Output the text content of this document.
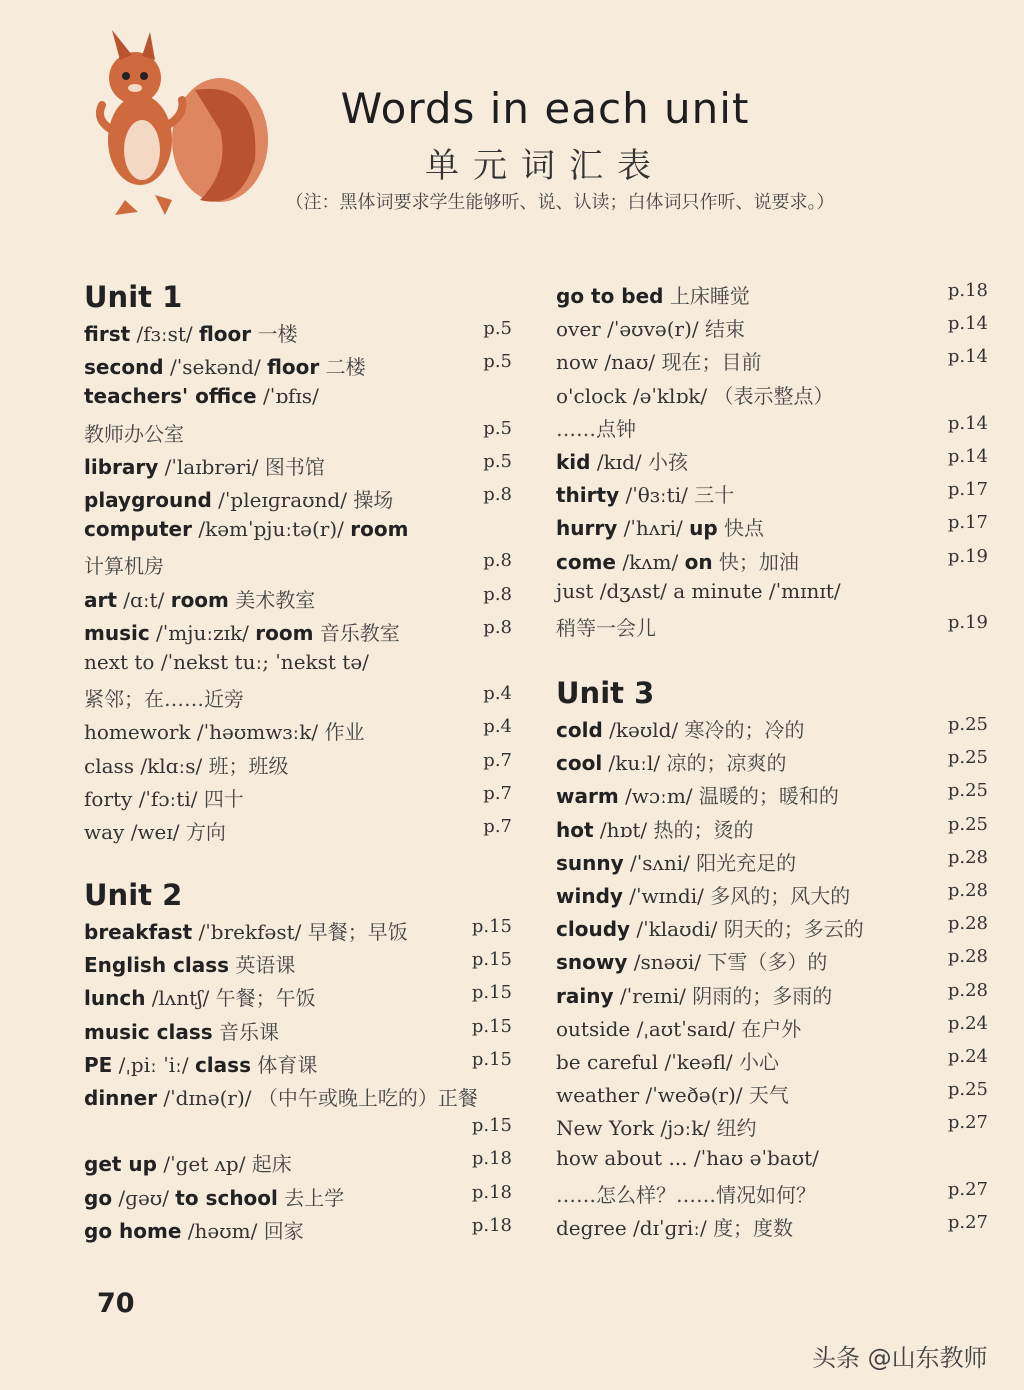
Words in each unit
单元词汇表
（注：黑体词要求学生能够听、说、认读；白体词只作听、说要求。）
Unit 1
first /fɜːst/ floor 一楼	p.5
second /ˈsekənd/ floor 二楼	p.5
teachers' office /ˈɒfɪs/
教师办公室	p.5
library /ˈlaɪbrəri/ 图书馆	p.5
playground /ˈpleɪɡraʊnd/ 操场	p.8
computer /kəmˈpjuːtə(r)/ room
计算机房	p.8
art /ɑːt/ room 美术教室	p.8
music /ˈmjuːzɪk/ room 音乐教室	p.8
next to /ˈnekst tuː; ˈnekst tə/
紧邻；在……近旁	p.4
homework /ˈhəʊmwɜːk/ 作业	p.4
class /klɑːs/ 班；班级	p.7
forty /ˈfɔːti/ 四十	p.7
way /weɪ/ 方向	p.7
Unit 2
breakfast /ˈbrekfəst/ 早餐；早饭	p.15
English class 英语课	p.15
lunch /lʌntʃ/ 午餐；午饭	p.15
music class 音乐课	p.15
PE /ˌpiː ˈiː/ class 体育课	p.15
dinner /ˈdɪnə(r)/ （中午或晚上吃的）正餐
p.15
get up /ˈget ʌp/ 起床	p.18
go /ɡəʊ/ to school 去上学	p.18
go home /həʊm/ 回家	p.18
go to bed 上床睡觉	p.18
over /ˈəʊvə(r)/ 结束	p.14
now /naʊ/ 现在；目前	p.14
o'clock /əˈklɒk/ （表示整点）
……点钟	p.14
kid /kɪd/ 小孩	p.14
thirty /ˈθɜːti/ 三十	p.17
hurry /ˈhʌri/ up 快点	p.17
come /kʌm/ on 快；加油	p.19
just /dʒʌst/ a minute /ˈmɪnɪt/
稍等一会儿	p.19
Unit 3
cold /kəʊld/ 寒冷的；冷的	p.25
cool /kuːl/ 凉的；凉爽的	p.25
warm /wɔːm/ 温暖的；暖和的	p.25
hot /hɒt/ 热的；烫的	p.25
sunny /ˈsʌni/ 阳光充足的	p.28
windy /ˈwɪndi/ 多风的；风大的	p.28
cloudy /ˈklaʊdi/ 阴天的；多云的	p.28
snowy /snəʊi/ 下雪（多）的	p.28
rainy /ˈreɪni/ 阴雨的；多雨的	p.28
outside /ˌaʊtˈsaɪd/ 在户外	p.24
be careful /ˈkeəfl/ 小心	p.24
weather /ˈweðə(r)/ 天气	p.25
New York /jɔːk/ 纽约	p.27
how about ... /ˈhaʊ əˈbaʊt/
……怎么样？……情况如何？	p.27
degree /dɪˈɡriː/ 度；度数	p.27
70
头条 @山东教师
